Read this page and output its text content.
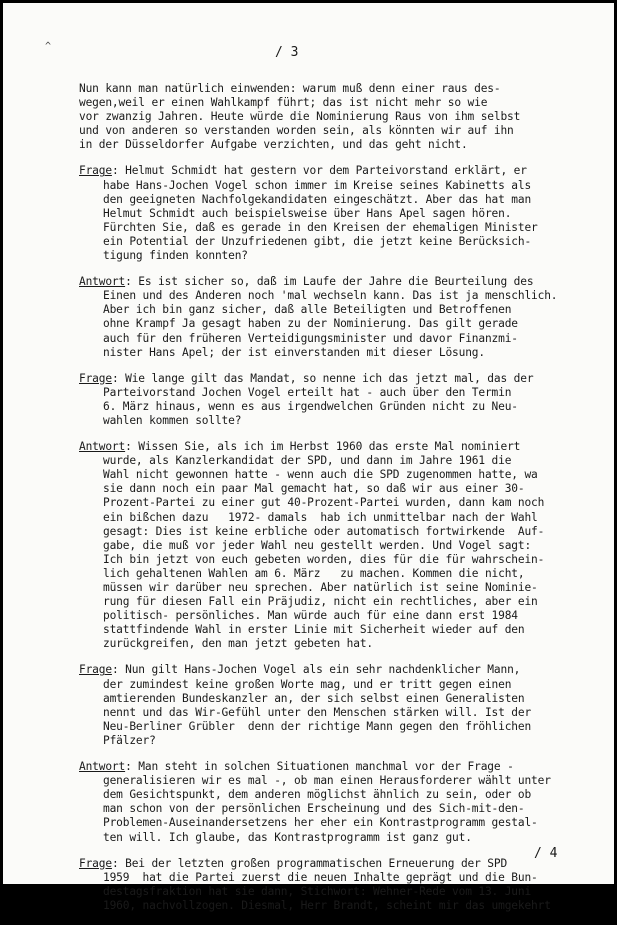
^	/ 3
Nun kann man natürlich einwenden: warum muß denn einer raus des-
wegen,weil er einen Wahlkampf führt; das ist nicht mehr so wie
vor zwanzig Jahren. Heute würde die Nominierung Raus von ihm selbst
und von anderen so verstanden worden sein, als könnten wir auf ihn
in der Düsseldorfer Aufgabe verzichten, und das geht nicht.
Frage: Helmut Schmidt hat gestern vor dem Parteivorstand erklärt, er
habe Hans-Jochen Vogel schon immer im Kreise seines Kabinetts als
den geeigneten Nachfolgekandidaten eingeschätzt. Aber das hat man
Helmut Schmidt auch beispielsweise über Hans Apel sagen hören.
Fürchten Sie, daß es gerade in den Kreisen der ehemaligen Minister
ein Potential der Unzufriedenen gibt, die jetzt keine Berücksich-
tigung finden konnten?
Antwort: Es ist sicher so, daß im Laufe der Jahre die Beurteilung des
Einen und des Anderen noch 'mal wechseln kann. Das ist ja menschlich.
Aber ich bin ganz sicher, daß alle Beteiligten und Betroffenen
ohne Krampf Ja gesagt haben zu der Nominierung. Das gilt gerade
auch für den früheren Verteidigungsminister und davor Finanzmi-
nister Hans Apel; der ist einverstanden mit dieser Lösung.
Frage: Wie lange gilt das Mandat, so nenne ich das jetzt mal, das der
Parteivorstand Jochen Vogel erteilt hat - auch über den Termin
6. März hinaus, wenn es aus irgendwelchen Gründen nicht zu Neu-
wahlen kommen sollte?
Antwort: Wissen Sie, als ich im Herbst 1960 das erste Mal nominiert
wurde, als Kanzlerkandidat der SPD, und dann im Jahre 1961 die
Wahl nicht gewonnen hatte - wenn auch die SPD zugenommen hatte, wa
sie dann noch ein paar Mal gemacht hat, so daß wir aus einer 30-
Prozent-Partei zu einer gut 40-Prozent-Partei wurden, dann kam noch
ein bißchen dazu   1972- damals  hab ich unmittelbar nach der Wahl
gesagt: Dies ist keine erbliche oder automatisch fortwirkende  Auf-
gabe, die muß vor jeder Wahl neu gestellt werden. Und Vogel sagt:
Ich bin jetzt von euch gebeten worden, dies für die für wahrschein-
lich gehaltenen Wahlen am 6. März   zu machen. Kommen die nicht,
müssen wir darüber neu sprechen. Aber natürlich ist seine Nominie-
rung für diesen Fall ein Präjudiz, nicht ein rechtliches, aber ein
politisch- persönliches. Man würde auch für eine dann erst 1984
stattfindende Wahl in erster Linie mit Sicherheit wieder auf den
zurückgreifen, den man jetzt gebeten hat.
Frage: Nun gilt Hans-Jochen Vogel als ein sehr nachdenklicher Mann,
der zumindest keine großen Worte mag, und er tritt gegen einen
amtierenden Bundeskanzler an, der sich selbst einen Generalisten
nennt und das Wir-Gefühl unter den Menschen stärken will. Ist der
Neu-Berliner Grübler  denn der richtige Mann gegen den fröhlichen
Pfälzer?
Antwort: Man steht in solchen Situationen manchmal vor der Frage -
generalisieren wir es mal -, ob man einen Herausforderer wählt unter
dem Gesichtspunkt, dem anderen möglichst ähnlich zu sein, oder ob
man schon von der persönlichen Erscheinung und des Sich-mit-den-
Problemen-Auseinandersetzens her eher ein Kontrastprogramm gestal-
ten will. Ich glaube, das Kontrastprogramm ist ganz gut.
Frage: Bei der letzten großen programmatischen Erneuerung der SPD
1959  hat die Partei zuerst die neuen Inhalte geprägt und die Bun-
destagsfraktion hat sie dann, Stichwort: Wehner-Rede vom 13. Juni
1960, nachvollzogen. Diesmal, Herr Brandt, scheint mir das umgekehrt
/ 4
